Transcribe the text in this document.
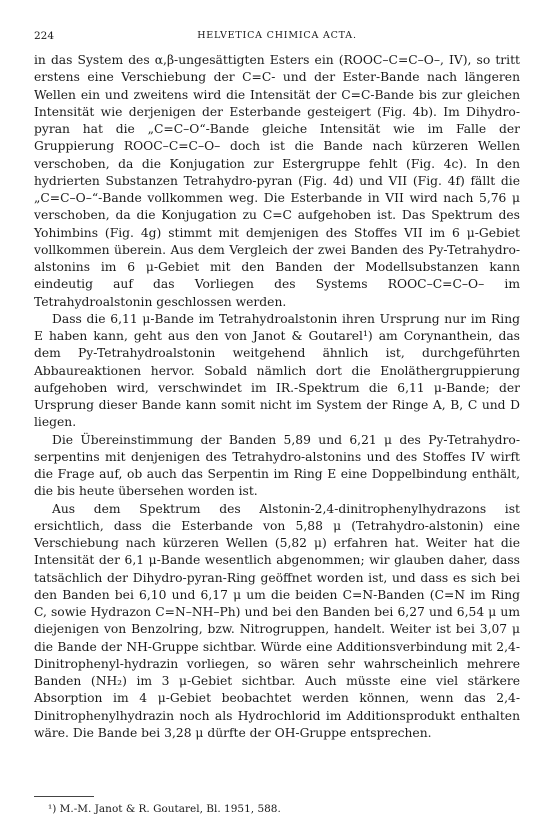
224	HELVETICA CHIMICA ACTA.

in das System des α,β-ungesättigten Esters ein (ROOC–C=C–O–, IV), so tritt erstens eine Verschiebung der C=C- und der Ester-Bande nach längeren Wellen ein und zweitens wird die Intensität der C=C-Bande bis zur gleichen Intensität wie derjenigen der Esterbande gesteigert (Fig. 4b). Im Dihydro-pyran hat die „C=C–O“-Bande gleiche Intensität wie im Falle der Gruppierung ROOC–C=C–O– doch ist die Bande nach kürzeren Wellen verschoben, da die Konjugation zur Estergruppe fehlt (Fig. 4c). In den hydrierten Substanzen Tetrahydro-pyran (Fig. 4d) und VII (Fig. 4f) fällt die „C=C–O–“-Bande vollkommen weg. Die Esterbande in VII wird nach 5,76 μ verschoben, da die Konjugation zu C=C aufgehoben ist. Das Spektrum des Yohimbins (Fig. 4g) stimmt mit demjenigen des Stoffes VII im 6 μ-Gebiet vollkommen überein. Aus dem Vergleich der zwei Banden des Py-Tetrahydro-alstonins im 6 μ-Gebiet mit den Banden der Modellsubstanzen kann eindeutig auf das Vorliegen des Systems ROOC–C=C–O– im Tetrahydroalstonin geschlossen werden.

Dass die 6,11 μ-Bande im Tetrahydroalstonin ihren Ursprung nur im Ring E haben kann, geht aus den von Janot & Goutarel¹) am Corynanthein, das dem Py-Tetrahydroalstonin weitgehend ähnlich ist, durchgeführten Abbaureaktionen hervor. Sobald nämlich dort die Enoläthergruppierung aufgehoben wird, verschwindet im IR.-Spektrum die 6,11 μ-Bande; der Ursprung dieser Bande kann somit nicht im System der Ringe A, B, C und D liegen.

Die Übereinstimmung der Banden 5,89 und 6,21 μ des Py-Tetrahydro-serpentins mit denjenigen des Tetrahydro-alstonins und des Stoffes IV wirft die Frage auf, ob auch das Serpentin im Ring E eine Doppelbindung enthält, die bis heute übersehen worden ist.

Aus dem Spektrum des Alstonin-2,4-dinitrophenylhydrazons ist ersichtlich, dass die Esterbande von 5,88 μ (Tetrahydro-alstonin) eine Verschiebung nach kürzeren Wellen (5,82 μ) erfahren hat. Weiter hat die Intensität der 6,1 μ-Bande wesentlich abgenommen; wir glauben daher, dass tatsächlich der Dihydro-pyran-Ring geöffnet worden ist, und dass es sich bei den Banden bei 6,10 und 6,17 μ um die beiden C=N-Banden (C=N im Ring C, sowie Hydrazon C=N–NH–Ph) und bei den Banden bei 6,27 und 6,54 μ um diejenigen von Benzolring, bzw. Nitrogruppen, handelt. Weiter ist bei 3,07 μ die Bande der NH-Gruppe sichtbar. Würde eine Additionsverbindung mit 2,4-Dinitrophenyl-hydrazin vorliegen, so wären sehr wahrscheinlich mehrere Banden (NH₂) im 3 μ-Gebiet sichtbar. Auch müsste eine viel stärkere Absorption im 4 μ-Gebiet beobachtet werden können, wenn das 2,4-Dinitrophenylhydrazin noch als Hydrochlorid im Additionsprodukt enthalten wäre. Die Bande bei 3,28 μ dürfte der OH-Gruppe entsprechen.

¹) M.-M. Janot & R. Goutarel, Bl. 1951, 588.
